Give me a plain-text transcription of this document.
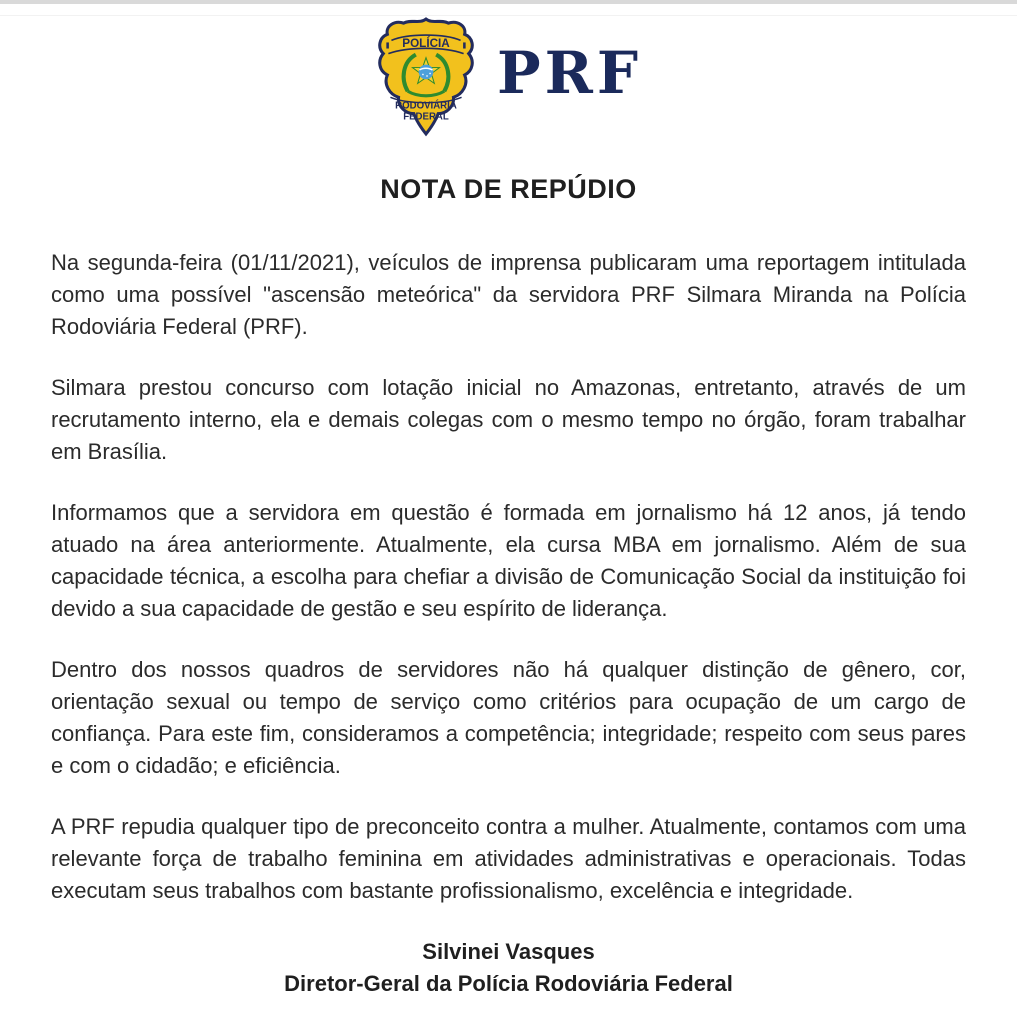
POLÍCIA
RODOVIÁRIA
FEDERAL
PRF
NOTA DE REPÚDIO

Na segunda-feira (01/11/2021), veículos de imprensa publicaram uma reportagem intitulada como uma possível "ascensão meteórica" da servidora PRF Silmara Miranda na Polícia Rodoviária Federal (PRF).

Silmara prestou concurso com lotação inicial no Amazonas, entretanto, através de um recrutamento interno, ela e demais colegas com o mesmo tempo no órgão, foram trabalhar em Brasília.

Informamos que a servidora em questão é formada em jornalismo há 12 anos, já tendo atuado na área anteriormente. Atualmente, ela cursa MBA em jornalismo. Além de sua capacidade técnica, a escolha para chefiar a divisão de Comunicação Social da instituição foi devido a sua capacidade de gestão e seu espírito de liderança.

Dentro dos nossos quadros de servidores não há qualquer distinção de gênero, cor, orientação sexual ou tempo de serviço como critérios para ocupação de um cargo de confiança. Para este fim, consideramos a competência; integridade; respeito com seus pares e com o cidadão; e eficiência.

A PRF repudia qualquer tipo de preconceito contra a mulher. Atualmente, contamos com uma relevante força de trabalho feminina em atividades administrativas e operacionais. Todas executam seus trabalhos com bastante profissionalismo, excelência e integridade.

Silvinei Vasques
Diretor-Geral da Polícia Rodoviária Federal
